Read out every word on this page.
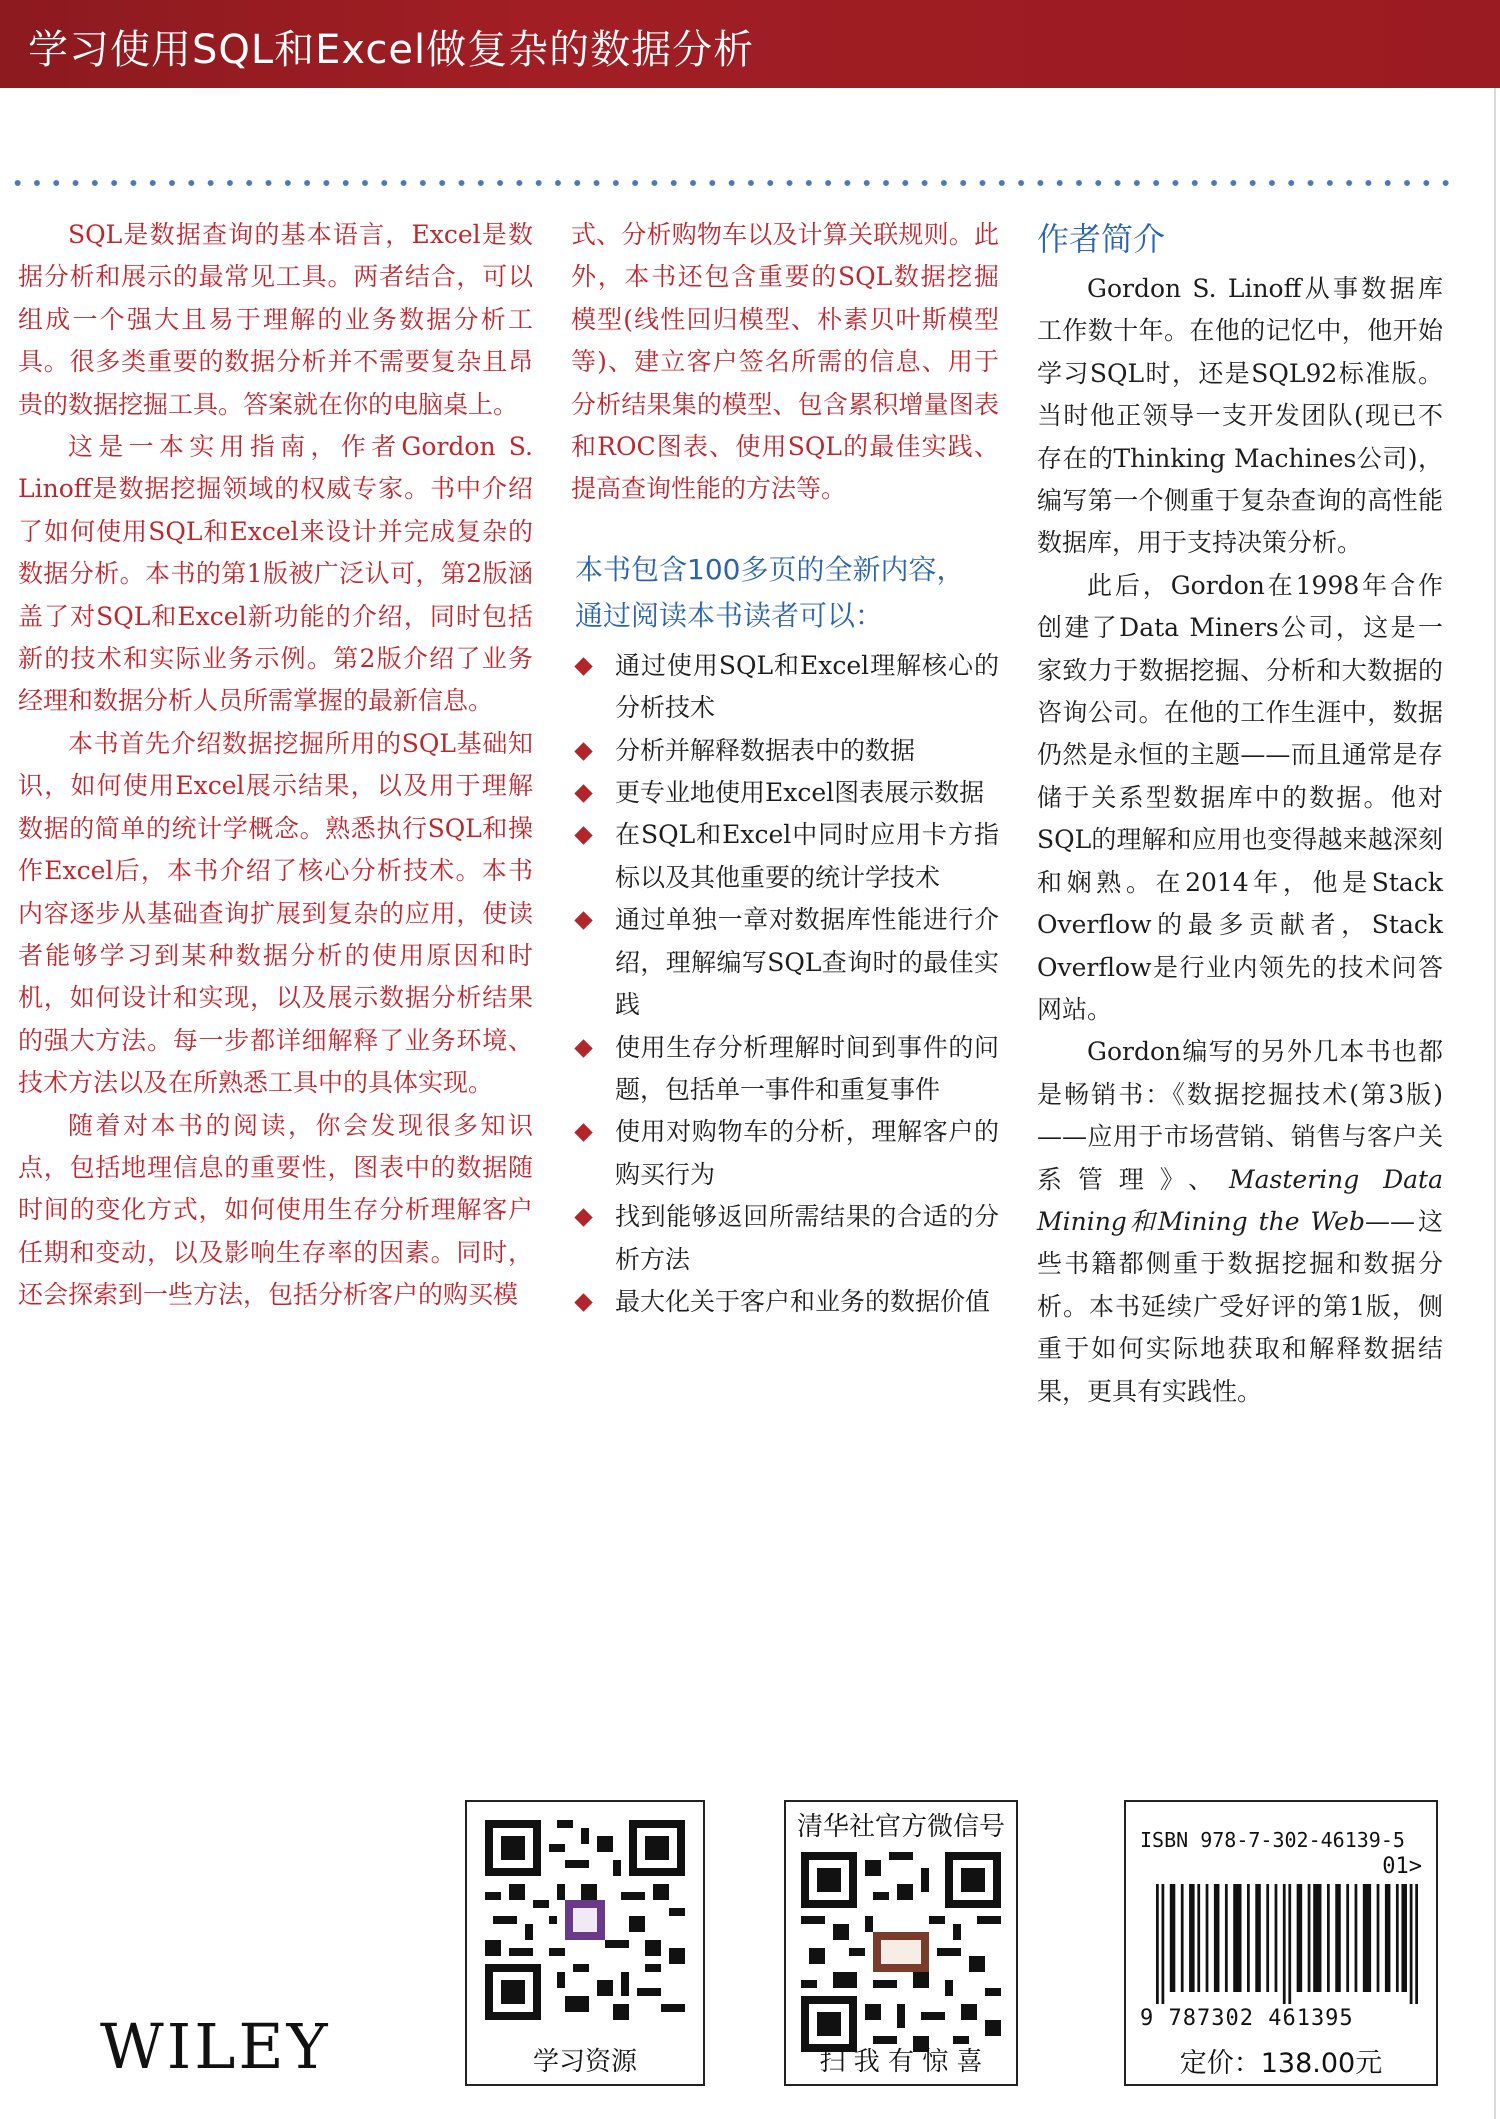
学习使用SQL和Excel做复杂的数据分析

SQL是数据查询的基本语言，Excel是数据分析和展示的最常见工具。两者结合，可以组成一个强大且易于理解的业务数据分析工具。很多类重要的数据分析并不需要复杂且昂贵的数据挖掘工具。答案就在你的电脑桌上。

这是一本实用指南，作者Gordon S. Linoff是数据挖掘领域的权威专家。书中介绍了如何使用SQL和Excel来设计并完成复杂的数据分析。本书的第1版被广泛认可，第2版涵盖了对SQL和Excel新功能的介绍，同时包括新的技术和实际业务示例。第2版介绍了业务经理和数据分析人员所需掌握的最新信息。

本书首先介绍数据挖掘所用的SQL基础知识，如何使用Excel展示结果，以及用于理解数据的简单的统计学概念。熟悉执行SQL和操作Excel后，本书介绍了核心分析技术。本书内容逐步从基础查询扩展到复杂的应用，使读者能够学习到某种数据分析的使用原因和时机，如何设计和实现，以及展示数据分析结果的强大方法。每一步都详细解释了业务环境、技术方法以及在所熟悉工具中的具体实现。

随着对本书的阅读，你会发现很多知识点，包括地理信息的重要性，图表中的数据随时间的变化方式，如何使用生存分析理解客户任期和变动，以及影响生存率的因素。同时，还会探索到一些方法，包括分析客户的购买模

式、分析购物车以及计算关联规则。此外，本书还包含重要的SQL数据挖掘模型(线性回归模型、朴素贝叶斯模型等)、建立客户签名所需的信息、用于分析结果集的模型、包含累积增量图表和ROC图表、使用SQL的最佳实践、提高查询性能的方法等。

本书包含100多页的全新内容，
通过阅读本书读者可以：
通过使用SQL和Excel理解核心的分析技术
分析并解释数据表中的数据
更专业地使用Excel图表展示数据
在SQL和Excel中同时应用卡方指标以及其他重要的统计学技术
通过单独一章对数据库性能进行介绍，理解编写SQL查询时的最佳实践
使用生存分析理解时间到事件的问题，包括单一事件和重复事件
使用对购物车的分析，理解客户的购买行为
找到能够返回所需结果的合适的分析方法
最大化关于客户和业务的数据价值
作者简介

Gordon S. Linoff从事数据库工作数十年。在他的记忆中，他开始学习SQL时，还是SQL92标准版。当时他正领导一支开发团队(现已不存在的Thinking Machines公司)，编写第一个侧重于复杂查询的高性能数据库，用于支持决策分析。

此后，Gordon在1998年合作创建了Data Miners公司，这是一家致力于数据挖掘、分析和大数据的咨询公司。在他的工作生涯中，数据仍然是永恒的主题——而且通常是存储于关系型数据库中的数据。他对SQL的理解和应用也变得越来越深刻和娴熟。在2014年，他是Stack Overflow的最多贡献者，Stack Overflow是行业内领先的技术问答网站。

Gordon编写的另外几本书也都是畅销书：《数据挖掘技术(第3版)——应用于市场营销、销售与客户关系管理》、Mastering Data Mining和Mining the Web——这些书籍都侧重于数据挖掘和数据分析。本书延续广受好评的第1版，侧重于如何实际地获取和解释数据结果，更具有实践性。

学习资源
清华社官方微信号
扫 我 有 惊 喜
ISBN 978-7-302-46139-5
01>
9 787302 461395
定价：138.00元
WILEY
